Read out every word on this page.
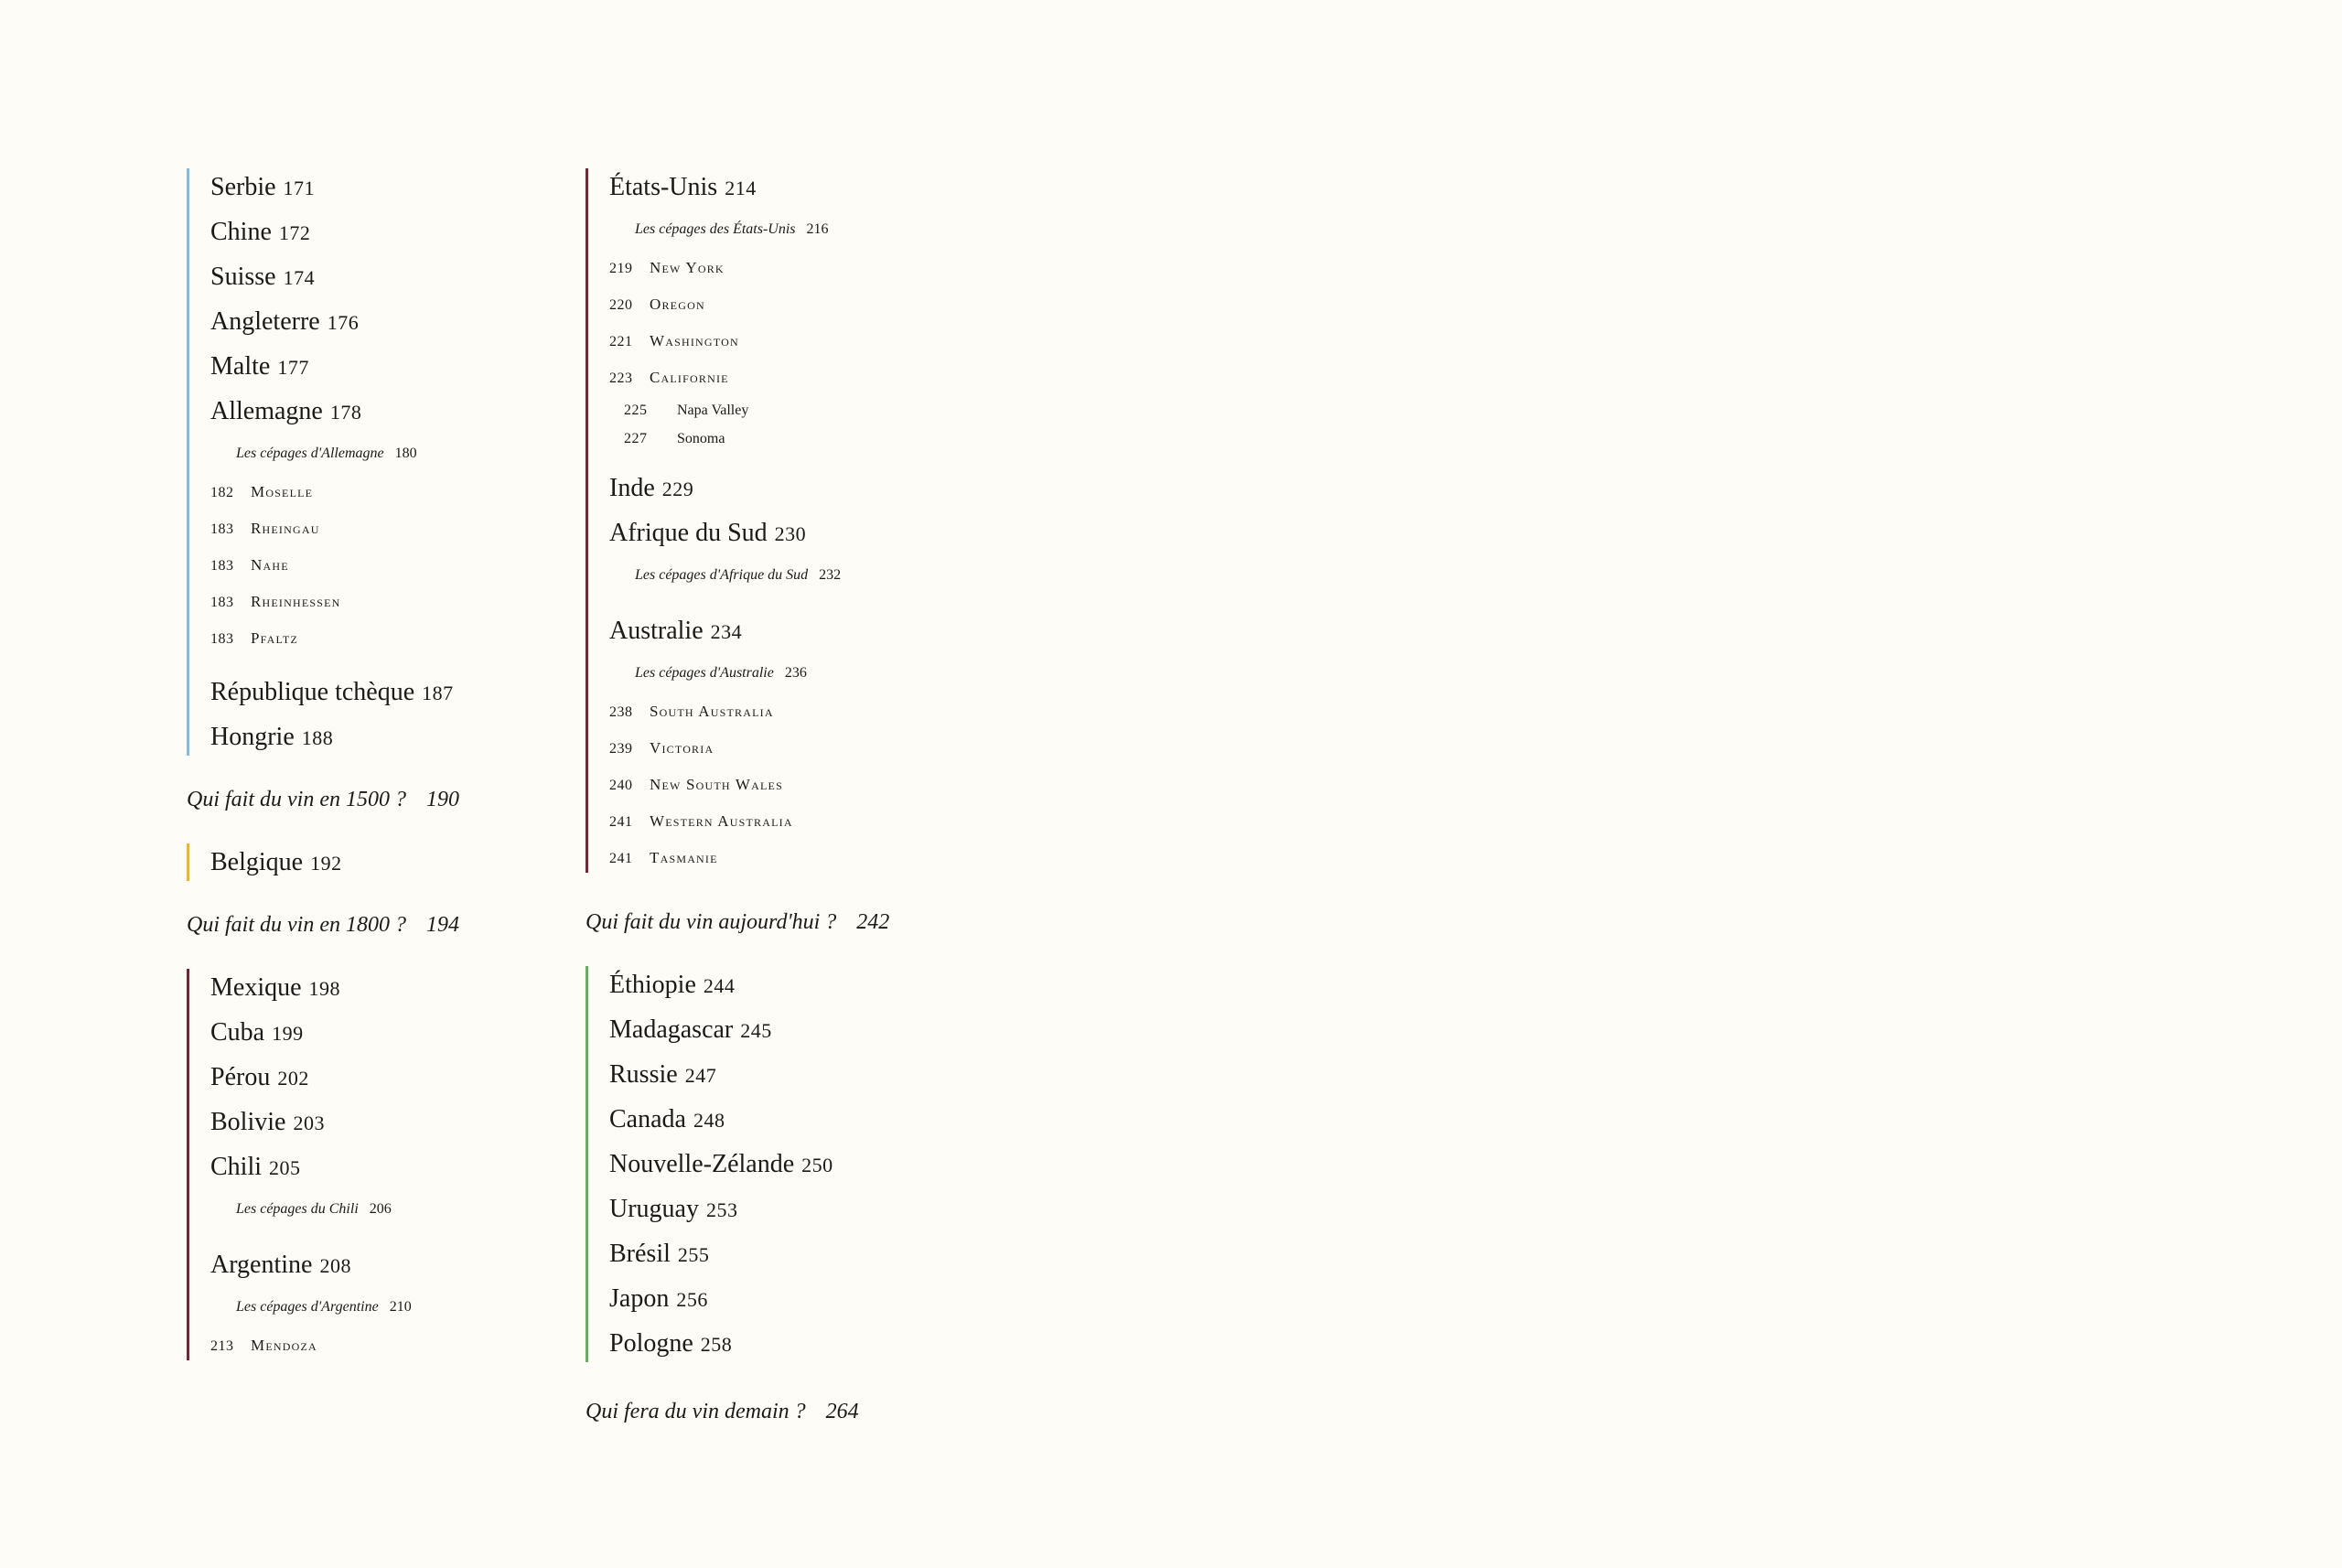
Serbie 171
Chine 172
Suisse 174
Angleterre 176
Malte 177
Allemagne 178
Les cépages d'Allemagne 180
182 Moselle
183 Rheingau
183 Nahe
183 Rheinhessen
183 Pfaltz
République tchèque 187
Hongrie 188
Qui fait du vin en 1500 ? 190
Belgique 192
Qui fait du vin en 1800 ? 194
Mexique 198
Cuba 199
Pérou 202
Bolivie 203
Chili 205
Les cépages du Chili 206
Argentine 208
Les cépages d'Argentine 210
213 Mendoza
États-Unis 214
Les cépages des États-Unis 216
219 New York
220 Oregon
221 Washington
223 Californie
225 Napa Valley
227 Sonoma
Inde 229
Afrique du Sud 230
Les cépages d'Afrique du Sud 232
Australie 234
Les cépages d'Australie 236
238 South Australia
239 Victoria
240 New South Wales
241 Western Australia
241 Tasmanie
Qui fait du vin aujourd'hui ? 242
Éthiopie 244
Madagascar 245
Russie 247
Canada 248
Nouvelle-Zélande 250
Uruguay 253
Brésil 255
Japon 256
Pologne 258
Qui fera du vin demain ? 264
